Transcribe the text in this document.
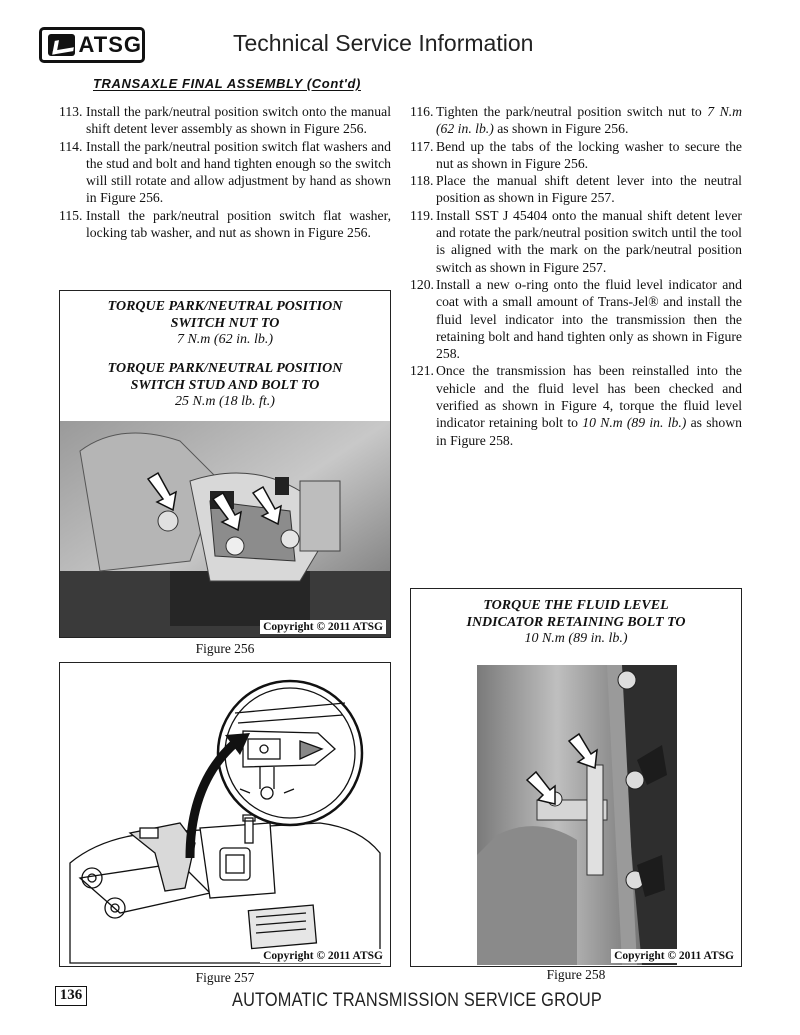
ATSG	Technical Service Information
TRANSAXLE FINAL ASSEMBLY (Cont'd)
113. Install the park/neutral position switch onto the manual shift detent lever assembly as shown in Figure 256.
114. Install the park/neutral position switch flat washers and the stud and bolt and hand tighten enough so the switch will still rotate and allow adjustment by hand as shown in Figure 256.
115. Install the park/neutral position switch flat washer, locking tab washer, and nut as shown in Figure 256.
116. Tighten the park/neutral position switch nut to 7 N.m (62 in. lb.) as shown in Figure 256.
117. Bend up the tabs of the locking washer to secure the nut as shown in Figure 256.
118. Place the manual shift detent lever into the neutral position as shown in Figure 257.
119. Install SST J 45404 onto the manual shift detent lever and rotate the park/neutral position switch until the tool is aligned with the mark on the park/neutral position switch as shown in Figure 257.
120. Install a new o-ring onto the fluid level indicator and coat with a small amount of Trans-Jel® and install the fluid level indicator into the transmission then the retaining bolt and hand tighten only as shown in Figure 258.
121. Once the transmission has been reinstalled into the vehicle and the fluid level has been checked and verified as shown in Figure 4, torque the fluid level indicator retaining bolt to 10 N.m (89 in. lb.) as shown in Figure 258.
TORQUE PARK/NEUTRAL POSITION
SWITCH NUT TO
7 N.m (62 in. lb.)
TORQUE PARK/NEUTRAL POSITION
SWITCH STUD AND BOLT TO
25 N.m (18 lb. ft.)
Copyright © 2011 ATSG
Figure 256
Copyright © 2011 ATSG
Figure 257
TORQUE THE FLUID LEVEL
INDICATOR RETAINING BOLT TO
10 N.m (89 in. lb.)
Copyright © 2011 ATSG
Figure 258
136	AUTOMATIC TRANSMISSION SERVICE GROUP
